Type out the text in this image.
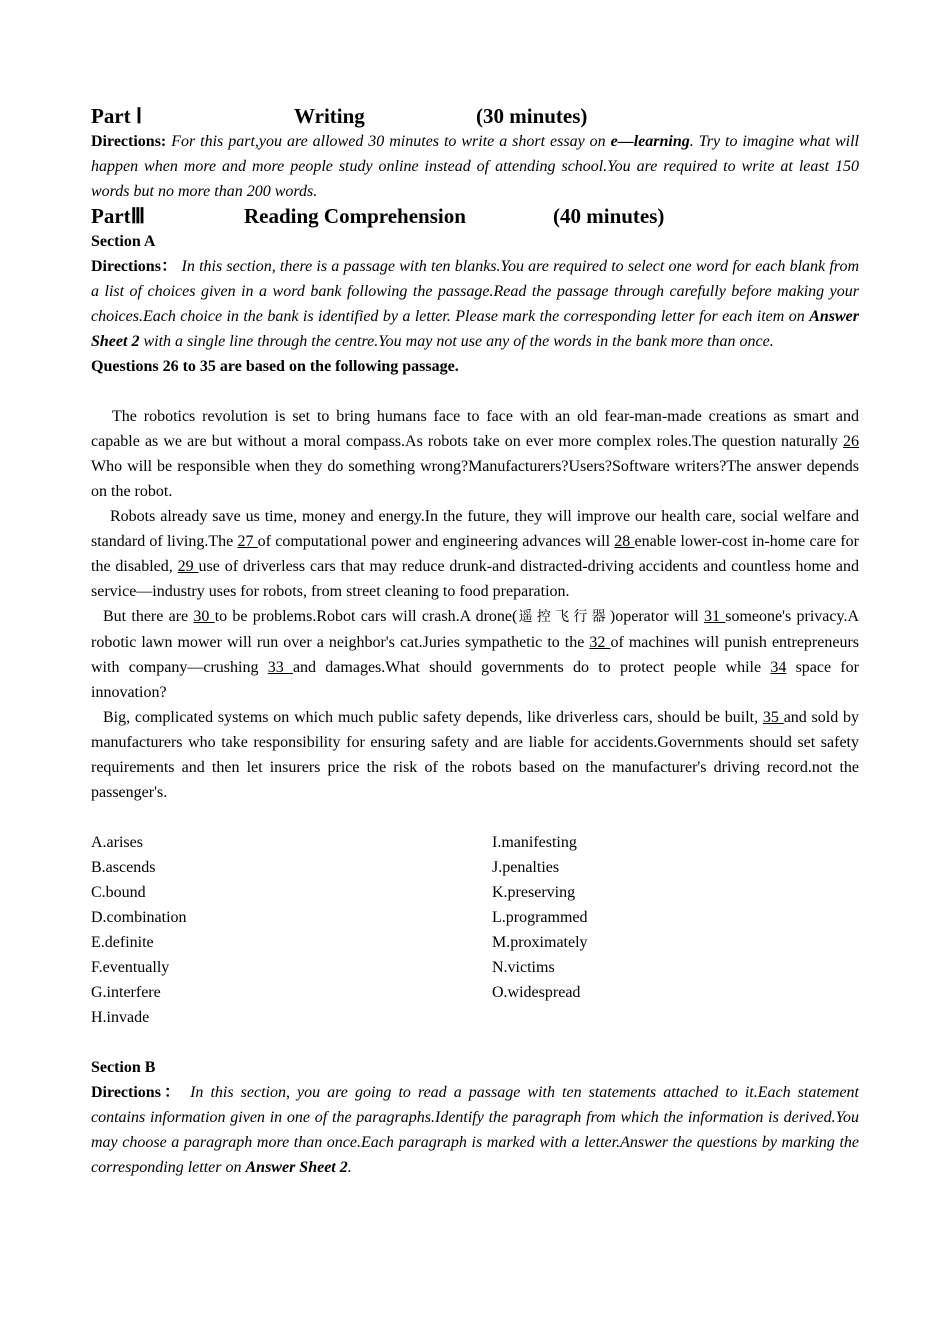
Part Ⅰ	Writing	(30 minutes)
Directions: For this part,you are allowed 30 minutes to write a short essay on e—learning. Try to imagine what will happen when more and more people study online instead of attending school.You are required to write at least 150 words but no more than 200 words.
PartⅢ	Reading Comprehension	(40 minutes)
Section A
Directions： In this section, there is a passage with ten blanks.You are required to select one word for each blank from a list of choices given in a word bank following the passage.Read the passage through carefully before making your choices.Each choice in the bank is identified by a letter. Please mark the corresponding letter for each item on Answer Sheet 2 with a single line through the centre.You may not use any of the words in the bank more than once.
Questions 26 to 35 are based on the following passage.
The robotics revolution is set to bring humans face to face with an old fear-man-made creations as smart and capable as we are but without a moral compass.As robots take on ever more complex roles.The question naturally 26 Who will be responsible when they do something wrong?Manufacturers?Users?Software writers?The answer depends on the robot.
Robots already save us time, money and energy.In the future, they will improve our health care, social welfare and standard of living.The 27 of computational power and engineering advances will 28 enable lower-cost in-home care for the disabled, 29 use of driverless cars that may reduce drunk-and distracted-driving accidents and countless home and service—industry uses for robots, from street cleaning to food preparation.
But there are 30 to be problems.Robot cars will crash.A drone(遥控飞行器)operator will 31 someone's privacy.A robotic lawn mower will run over a neighbor's cat.Juries sympathetic to the 32 of machines will punish entrepreneurs with company—crushing 33 and damages.What should governments do to protect people while 34 space for innovation?
Big, complicated systems on which much public safety depends, like driverless cars, should be built, 35 and sold by manufacturers who take responsibility for ensuring safety and are liable for accidents.Governments should set safety requirements and then let insurers price the risk of the robots based on the manufacturer's driving record.not the passenger's.
A.arises
B.ascends
C.bound
D.combination
E.definite
F.eventually
G.interfere
H.invade
I.manifesting
J.penalties
K.preserving
L.programmed
M.proximately
N.victims
O.widespread
Section B
Directions： In this section, you are going to read a passage with ten statements attached to it.Each statement contains information given in one of the paragraphs.Identify the paragraph from which the information is derived.You may choose a paragraph more than once.Each paragraph is marked with a letter.Answer the questions by marking the corresponding letter on Answer Sheet 2.
